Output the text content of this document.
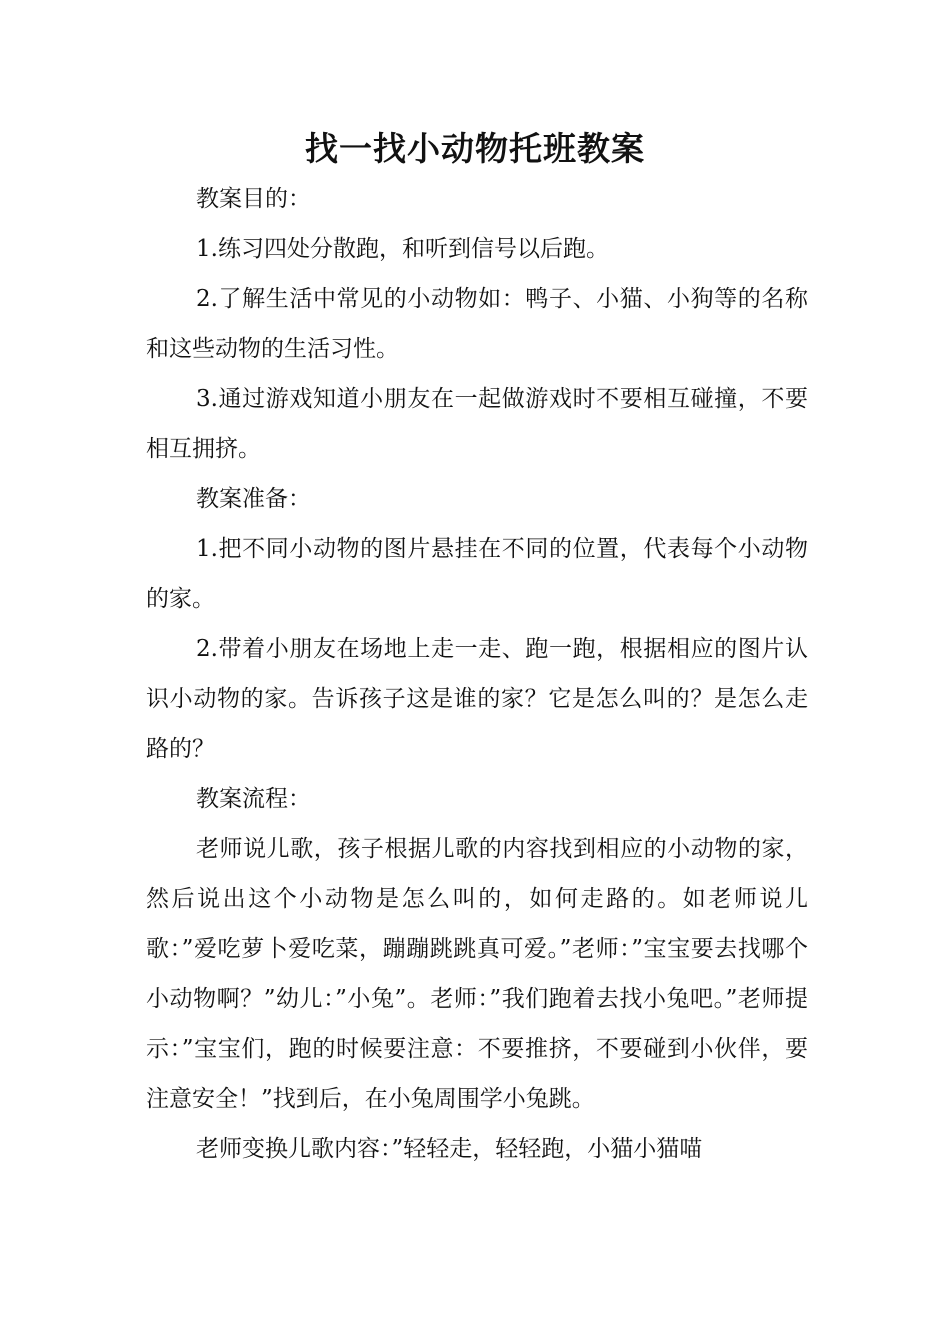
找一找小动物托班教案

教案目的：

1.练习四处分散跑，和听到信号以后跑。

2.了解生活中常见的小动物如：鸭子、小猫、小狗等的名称和这些动物的生活习性。

3.通过游戏知道小朋友在一起做游戏时不要相互碰撞，不要相互拥挤。

教案准备：

1.把不同小动物的图片悬挂在不同的位置，代表每个小动物的家。

2.带着小朋友在场地上走一走、跑一跑，根据相应的图片认识小动物的家。告诉孩子这是谁的家？它是怎么叫的？是怎么走路的？

教案流程：

老师说儿歌，孩子根据儿歌的内容找到相应的小动物的家，然后说出这个小动物是怎么叫的，如何走路的。如老师说儿歌：”爱吃萝卜爱吃菜，蹦蹦跳跳真可爱。”老师：”宝宝要去找哪个小动物啊？”幼儿：”小兔”。老师：”我们跑着去找小兔吧。”老师提示：”宝宝们，跑的时候要注意：不要推挤，不要碰到小伙伴，要注意安全！”找到后，在小兔周围学小兔跳。

老师变换儿歌内容：”轻轻走，轻轻跑，小猫小猫喵
